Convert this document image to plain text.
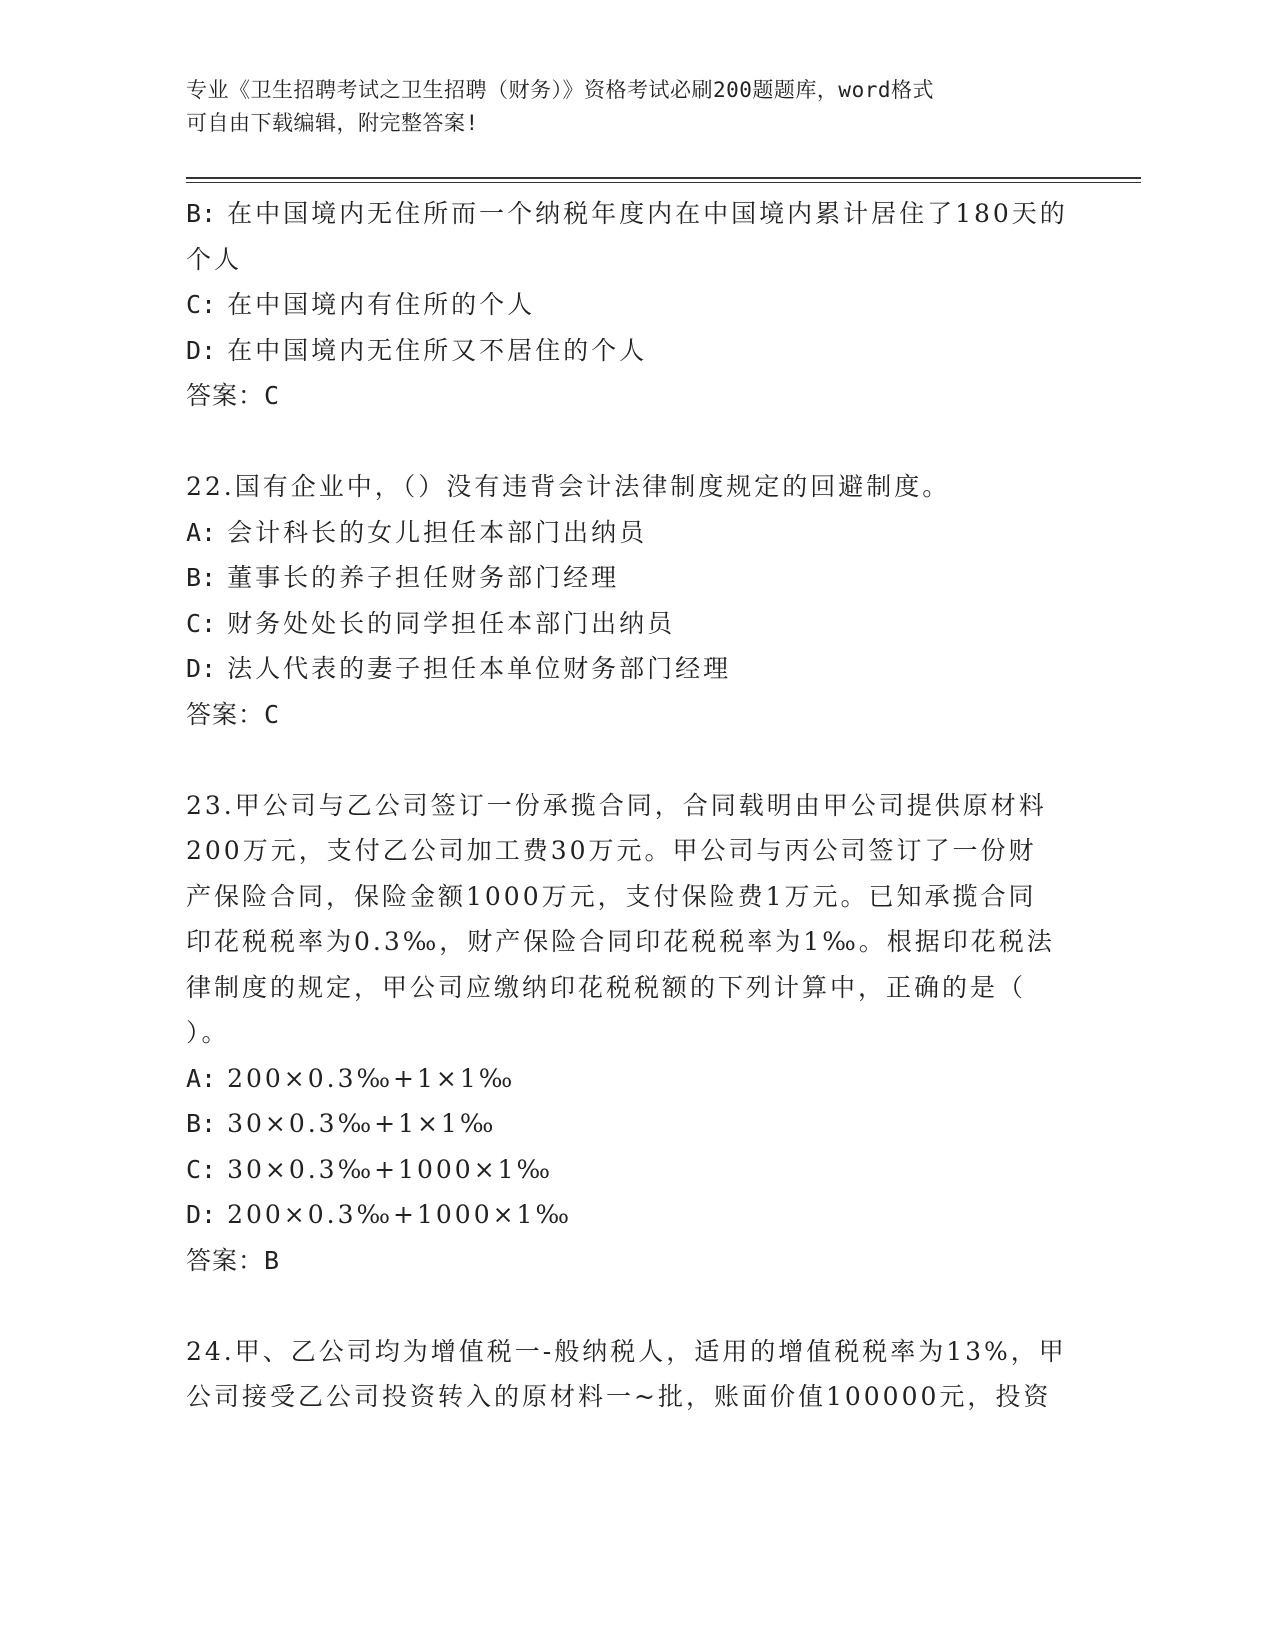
专业《卫生招聘考试之卫生招聘（财务）》资格考试必刷200题题库，word格式
可自由下载编辑，附完整答案!
B: 在中国境内无住所而一个纳税年度内在中国境内累计居住了180天的个人
C: 在中国境内有住所的个人
D: 在中国境内无住所又不居住的个人
答案：C
22.国有企业中，（）没有违背会计法律制度规定的回避制度。
A: 会计科长的女儿担任本部门出纳员
B: 董事长的养子担任财务部门经理
C: 财务处处长的同学担任本部门出纳员
D: 法人代表的妻子担任本单位财务部门经理
答案：C
23.甲公司与乙公司签订一份承揽合同，合同载明由甲公司提供原材料
200万元，支付乙公司加工费30万元。甲公司与丙公司签订了一份财
产保险合同，保险金额1000万元，支付保险费1万元。已知承揽合同
印花税税率为0.3‰，财产保险合同印花税税率为1‰。根据印花税法
律制度的规定，甲公司应缴纳印花税税额的下列计算中，正确的是（
）。
A: 200×0.3‰+1×1‰
B: 30×0.3‰+1×1‰
C: 30×0.3‰+1000×1‰
D: 200×0.3‰+1000×1‰
答案：B
24.甲、乙公司均为增值税一-般纳税人，适用的增值税税率为13%，甲
公司接受乙公司投资转入的原材料一~批，账面价值100000元，投资
